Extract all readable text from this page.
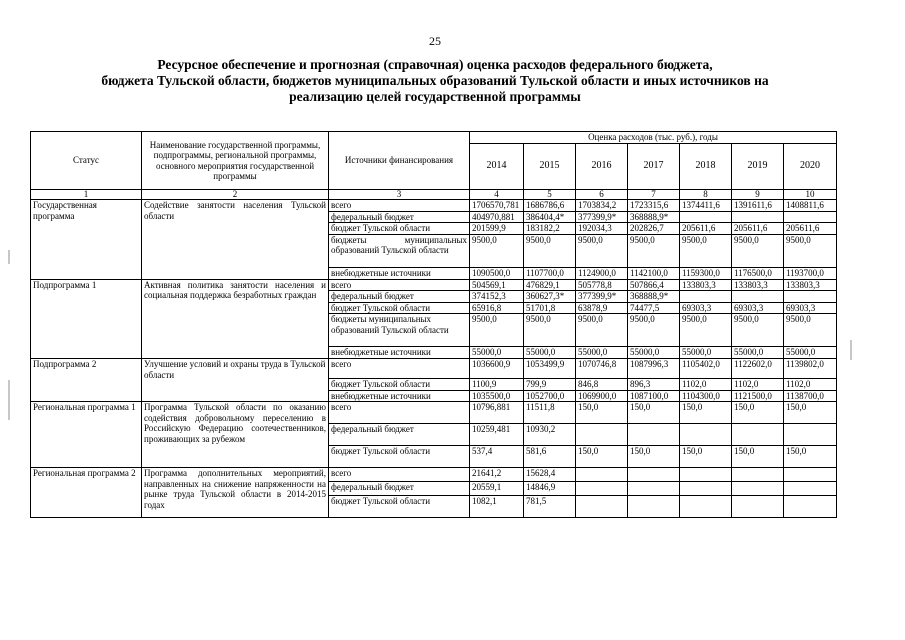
25
Ресурсное обеспечение и прогнозная (справочная) оценка расходов федерального бюджета,
бюджета Тульской области, бюджетов муниципальных образований Тульской области и иных источников на
реализацию целей государственной программы
Статус	Наименование государственной программы, подпрограммы, региональной программы, основного мероприятия государственной программы	Источники финансирования	Оценка расходов (тыс. руб.), годы						
			2014	2015	2016	2017	2018	2019	2020
1	2	3	4	5	6	7	8	9	10
Государственная программа	Содействие занятости населения Тульской области	всего	1706570,781	1686786,6	1703834,2	1723315,6	1374411,6	1391611,6	1408811,6
		федеральный бюджет	404970,881	386404,4*	377399,9*	368888,9*			
		бюджет Тульской области	201599,9	183182,2	192034,3	202826,7	205611,6	205611,6	205611,6
		бюджеты муниципальных образований Тульской области	9500,0	9500,0	9500,0	9500,0	9500,0	9500,0	9500,0
		внебюджетные источники	1090500,0	1107700,0	1124900,0	1142100,0	1159300,0	1176500,0	1193700,0
Подпрограмма 1	Активная политика занятости населения и социальная поддержка безработных граждан	всего	504569,1	476829,1	505778,8	507866,4	133803,3	133803,3	133803,3
		федеральный бюджет	374152,3	360627,3*	377399,9*	368888,9*			
		бюджет Тульской области	65916,8	51701,8	63878,9	74477,5	69303,3	69303,3	69303,3
		бюджеты муниципальных образований Тульской области	9500,0	9500,0	9500,0	9500,0	9500,0	9500,0	9500,0
		внебюджетные источники	55000,0	55000,0	55000,0	55000,0	55000,0	55000,0	55000,0
Подпрограмма 2	Улучшение условий и охраны труда в Тульской области	всего	1036600,9	1053499,9	1070746,8	1087996,3	1105402,0	1122602,0	1139802,0
		бюджет Тульской области	1100,9	799,9	846,8	896,3	1102,0	1102,0	1102,0
		внебюджетные источники	1035500,0	1052700,0	1069900,0	1087100,0	1104300,0	1121500,0	1138700,0
Региональная программа 1	Программа Тульской области по оказанию содействия добровольному переселению в Российскую Федерацию соотечественников, проживающих за рубежом	всего	10796,881	11511,8	150,0	150,0	150,0	150,0	150,0
		федеральный бюджет	10259,481	10930,2					
		бюджет Тульской области	537,4	581,6	150,0	150,0	150,0	150,0	150,0
Региональная программа 2	Программа дополнительных мероприятий, направленных на снижение напряженности на рынке труда Тульской области в 2014-2015 годах	всего	21641,2	15628,4					
		федеральный бюджет	20559,1	14846,9					
		бюджет Тульской области	1082,1	781,5					
